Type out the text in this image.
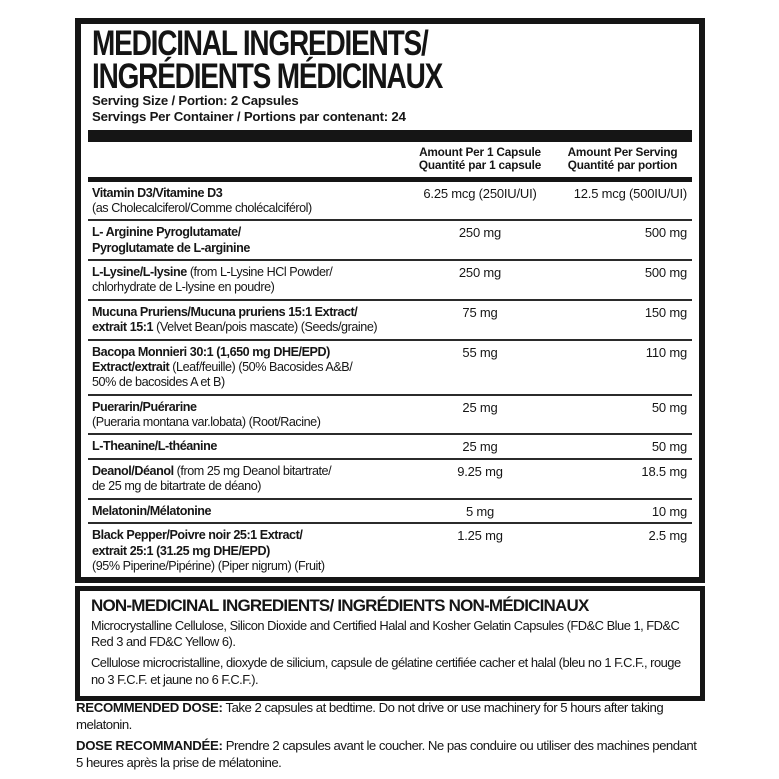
MEDICINAL INGREDIENTS/
INGRÉDIENTS MÉDICINAUX
Serving Size / Portion: 2 Capsules
Servings Per Container / Portions par contenant: 24
Amount Per 1 Capsule
Quantité par 1 capsule
Amount Per Serving
Quantité par portion
Vitamin D3/Vitamine D3
(as Cholecalciferol/Comme cholécalciférol)
6.25 mcg (250IU/UI)	12.5 mcg (500IU/UI)
L- Arginine Pyroglutamate/
Pyroglutamate de L-arginine
250 mg	500 mg
L-Lysine/L-lysine (from L-Lysine HCl Powder/
chlorhydrate de L-lysine en poudre)
250 mg	500 mg
Mucuna Pruriens/Mucuna pruriens 15:1 Extract/
extrait 15:1 (Velvet Bean/pois mascate) (Seeds/graine)
75 mg	150 mg
Bacopa Monnieri 30:1 (1,650 mg DHE/EPD)
Extract/extrait (Leaf/feuille) (50% Bacosides A&B/
50% de bacosides A et B)
55 mg	110 mg
Puerarin/Puérarine
(Pueraria montana var.lobata) (Root/Racine)
25 mg	50 mg
L-Theanine/L-théanine	25 mg	50 mg
Deanol/Déanol (from 25 mg Deanol bitartrate/
de 25 mg de bitartrate de déano)
9.25 mg	18.5 mg
Melatonin/Mélatonine	5 mg	10 mg
Black Pepper/Poivre noir 25:1 Extract/
extrait 25:1 (31.25 mg DHE/EPD)
(95% Piperine/Pipérine) (Piper nigrum) (Fruit)
1.25 mg	2.5 mg
NON-MEDICINAL INGREDIENTS/ INGRÉDIENTS NON-MÉDICINAUX
Microcrystalline Cellulose, Silicon Dioxide and Certified Halal and Kosher Gelatin Capsules (FD&C Blue 1, FD&C Red 3 and FD&C Yellow 6).
Cellulose microcristalline, dioxyde de silicium, capsule de gélatine certifiée cacher et halal (bleu no 1 F.C.F., rouge no 3 F.C.F. et jaune no 6 F.C.F.).

RECOMMENDED DOSE: Take 2 capsules at bedtime. Do not drive or use machinery for 5 hours after taking melatonin.

DOSE RECOMMANDÉE: Prendre 2 capsules avant le coucher. Ne pas conduire ou utiliser des machines pendant 5 heures après la prise de mélatonine.
